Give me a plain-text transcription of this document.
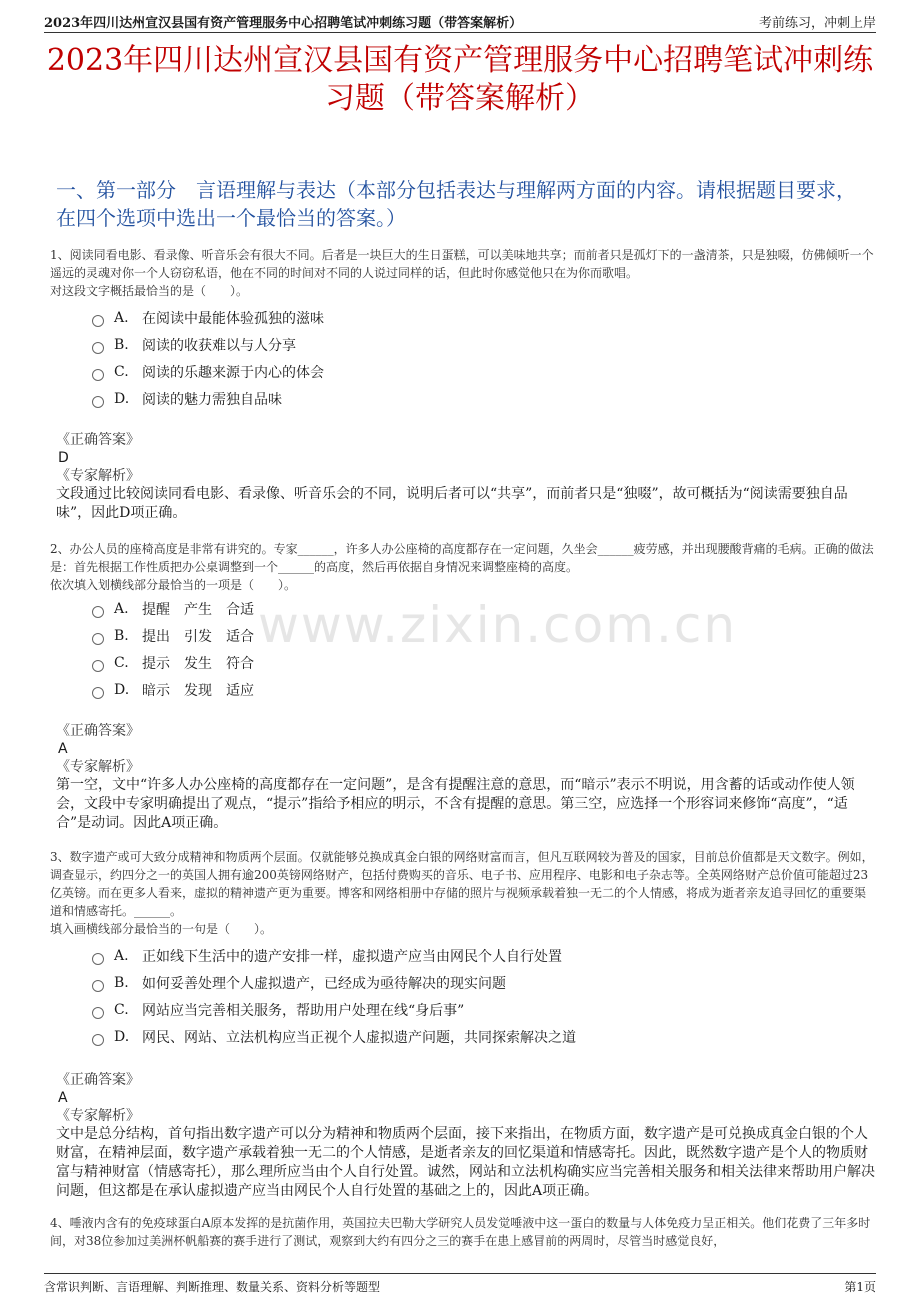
2023年四川达州宣汉县国有资产管理服务中心招聘笔试冲刺练习题（带答案解析）	考前练习，冲刺上岸
2023年四川达州宣汉县国有资产管理服务中心招聘笔试冲刺练习题（带答案解析）
一、第一部分　言语理解与表达（本部分包括表达与理解两方面的内容。请根据题目要求，在四个选项中选出一个最恰当的答案。）
www.zixin.com.cn

1、阅读同看电影、看录像、听音乐会有很大不同。后者是一块巨大的生日蛋糕，可以美味地共享；而前者只是孤灯下的一盏清茶，只是独啜，仿佛倾听一个遥远的灵魂对你一个人窃窃私语，他在不同的时间对不同的人说过同样的话，但此时你感觉他只在为你而歌唱。

对这段文字概括最恰当的是（　　）。

A. 在阅读中最能体验孤独的滋味
B. 阅读的收获难以与人分享
C. 阅读的乐趣来源于内心的体会
D. 阅读的魅力需独自品味

《正确答案》

D

《专家解析》

文段通过比较阅读同看电影、看录像、听音乐会的不同，说明后者可以“共享”，而前者只是“独啜”，故可概括为“阅读需要独自品味”，因此D项正确。

2、办公人员的座椅高度是非常有讲究的。专家______，许多人办公座椅的高度都存在一定问题，久坐会______疲劳感，并出现腰酸背痛的毛病。正确的做法是：首先根据工作性质把办公桌调整到一个______的高度，然后再依据自身情况来调整座椅的高度。

依次填入划横线部分最恰当的一项是（　　）。

A. 提醒　产生　合适
B. 提出　引发　适合
C. 提示　发生　符合
D. 暗示　发现　适应

《正确答案》

A

《专家解析》

第一空，文中“许多人办公座椅的高度都存在一定问题”，是含有提醒注意的意思，而“暗示”表示不明说，用含蓄的话或动作使人领会，文段中专家明确提出了观点，“提示”指给予相应的明示，不含有提醒的意思。第三空，应选择一个形容词来修饰“高度”，“适合”是动词。因此A项正确。

3、数字遗产或可大致分成精神和物质两个层面。仅就能够兑换成真金白银的网络财富而言，但凡互联网较为普及的国家，目前总价值都是天文数字。例如，调查显示，约四分之一的英国人拥有逾200英镑网络财产，包括付费购买的音乐、电子书、应用程序、电影和电子杂志等。全英网络财产总价值可能超过23亿英镑。而在更多人看来，虚拟的精神遗产更为重要。博客和网络相册中存储的照片与视频承载着独一无二的个人情感，将成为逝者亲友追寻回忆的重要渠道和情感寄托。______。

填入画横线部分最恰当的一句是（　　）。

A. 正如线下生活中的遗产安排一样，虚拟遗产应当由网民个人自行处置
B. 如何妥善处理个人虚拟遗产，已经成为亟待解决的现实问题
C. 网站应当完善相关服务，帮助用户处理在线“身后事”
D. 网民、网站、立法机构应当正视个人虚拟遗产问题，共同探索解决之道

《正确答案》

A

《专家解析》

文中是总分结构，首句指出数字遗产可以分为精神和物质两个层面，接下来指出，在物质方面，数字遗产是可兑换成真金白银的个人财富，在精神层面，数字遗产承载着独一无二的个人情感，是逝者亲友的回忆渠道和情感寄托。因此，既然数字遗产是个人的物质财富与精神财富（情感寄托），那么理所应当由个人自行处置。诚然，网站和立法机构确实应当完善相关服务和相关法律来帮助用户解决问题，但这都是在承认虚拟遗产应当由网民个人自行处置的基础之上的，因此A项正确。

4、唾液内含有的免疫球蛋白A原本发挥的是抗菌作用，英国拉夫巴勒大学研究人员发觉唾液中这一蛋白的数量与人体免疫力呈正相关。他们花费了三年多时间，对38位参加过美洲杯帆船赛的赛手进行了测试，观察到大约有四分之三的赛手在患上感冒前的两周时，尽管当时感觉良好，

含常识判断、言语理解、判断推理、数量关系、资料分析等题型	第1页
